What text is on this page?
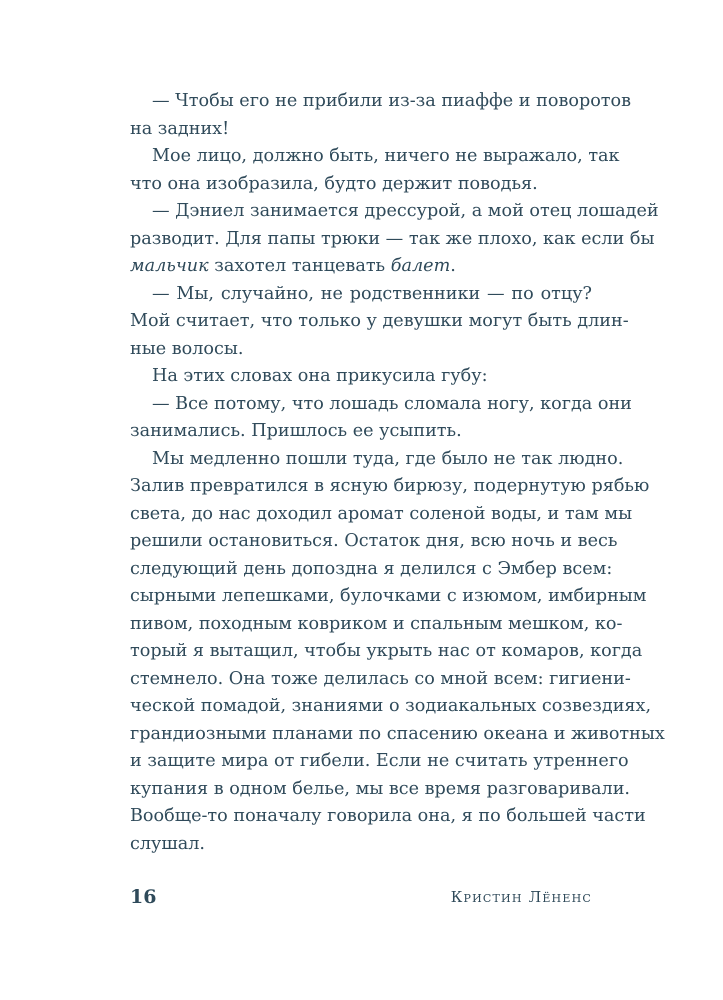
— Чтобы его не прибили из-за пиаффе и поворотов
на задних!
Мое лицо, должно быть, ничего не выражало, так
что она изобразила, будто держит поводья.
— Дэниел занимается дрессурой, а мой отец лошадей
разводит. Для папы трюки — так же плохо, как если бы
мальчик захотел танцевать балет.
— Мы, случайно, не родственники — по отцу?
Мой считает, что только у девушки могут быть длин-
ные волосы.
На этих словах она прикусила губу:
— Все потому, что лошадь сломала ногу, когда они
занимались. Пришлось ее усыпить.
Мы медленно пошли туда, где было не так людно.
Залив превратился в ясную бирюзу, подернутую рябью
света, до нас доходил аромат соленой воды, и там мы
решили остановиться. Остаток дня, всю ночь и весь
следующий день допоздна я делился с Эмбер всем:
сырными лепешками, булочками с изюмом, имбирным
пивом, походным ковриком и спальным мешком, ко-
торый я вытащил, чтобы укрыть нас от комаров, когда
стемнело. Она тоже делилась со мной всем: гигиени-
ческой помадой, знаниями о зодиакальных созвездиях,
грандиозными планами по спасению океана и животных
и защите мира от гибели. Если не считать утреннего
купания в одном белье, мы все время разговаривали.
Вообще-то поначалу говорила она, я по большей части
слушал.
16	Кристин Лёненс
